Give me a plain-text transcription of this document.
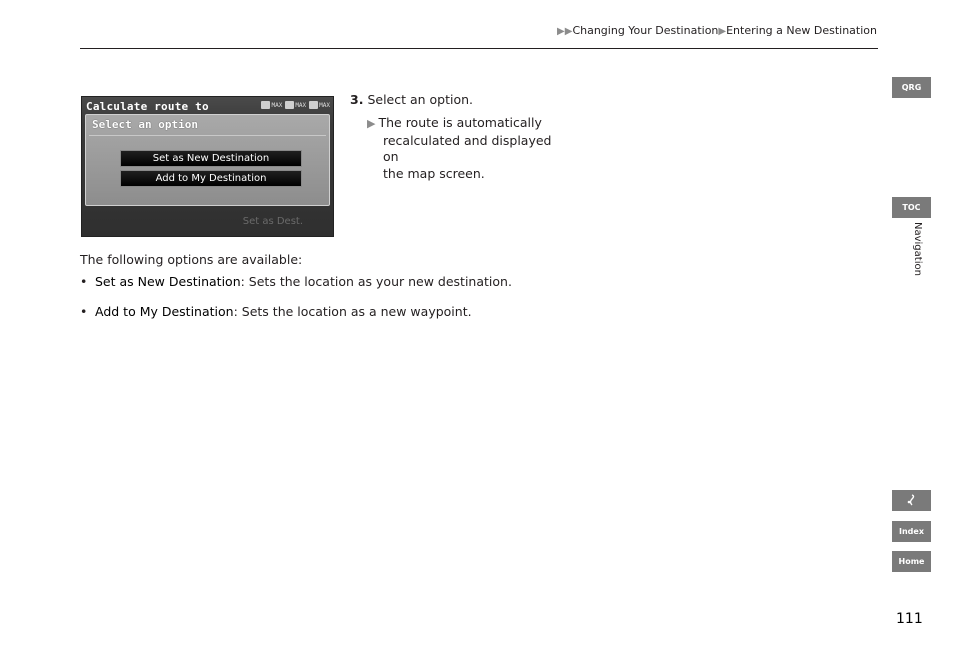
▶▶Changing Your Destination▶Entering a New Destination
Calculate route to	MAX MAX MAX
Select an option
Set as New Destination
Add to My Destination
Set as Dest.
3. Select an option.
▶ The route is automatically
recalculated and displayed on
the map screen.
The following options are available:
• Set as New Destination: Sets the location as your new destination.
• Add to My Destination: Sets the location as a new waypoint.
QRG
TOC
Navigation
Index
Home
111
